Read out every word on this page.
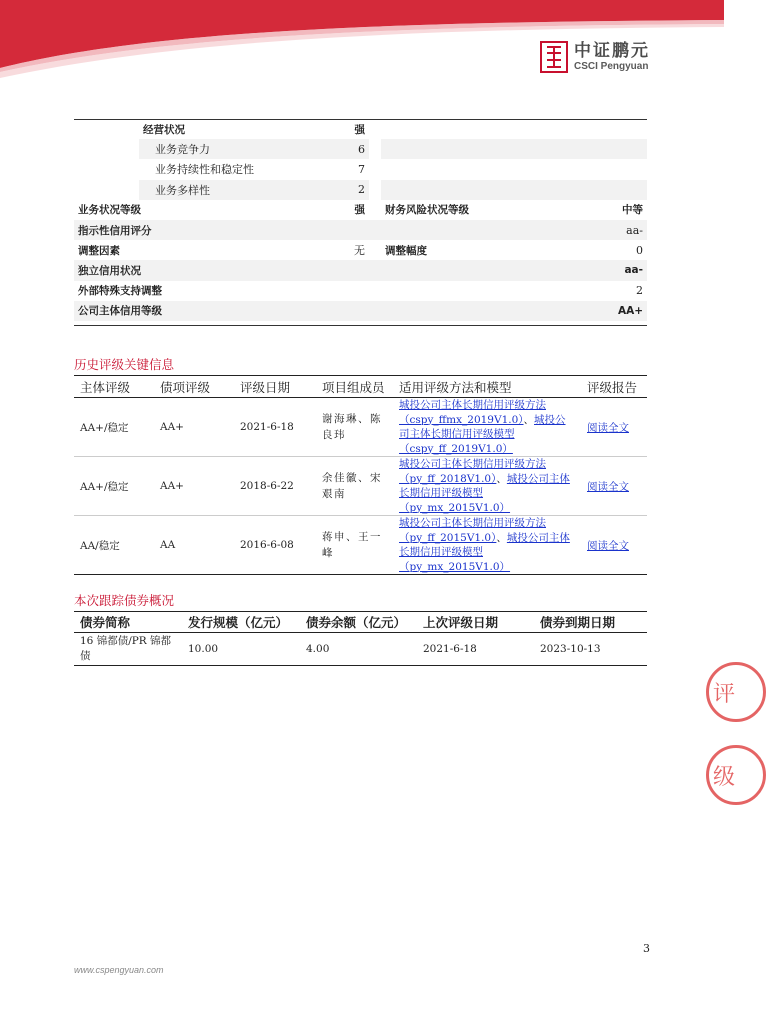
中证鹏元
CSCI Pengyuan
	经营状况	强			
	业务竞争力	6			
	业务持续性和稳定性	7			
	业务多样性	2			
业务状况等级		强		财务风险状况等级	中等
指示性信用评分					aa-
调整因素		无		调整幅度	0
独立信用状况					aa-
外部特殊支持调整					2
公司主体信用等级					AA+
历史评级关键信息
主体评级	债项评级	评级日期	项目组成员	适用评级方法和模型	评级报告
AA+/稳定	AA+	2021-6-18	谢海琳、陈良玮	城投公司主体长期信用评级方法（cspy_ffmx_2019V1.0）、城投公司主体长期信用评级模型（cspy_ff_2019V1.0）	阅读全文
AA+/稳定	AA+	2018-6-22	余佳徽、宋艰南	城投公司主体长期信用评级方法（py_ff_2018V1.0）、城投公司主体长期信用评级模型（py_mx_2015V1.0）	阅读全文
AA/稳定	AA	2016-6-08	蒋申、王一峰	城投公司主体长期信用评级方法（py_ff_2015V1.0）、城投公司主体长期信用评级模型（py_mx_2015V1.0）	阅读全文
本次跟踪债券概况
债券简称	发行规模（亿元）	债券余额（亿元）	上次评级日期	债券到期日期
16 锦都债/PR 锦都债	10.00	4.00	2021-6-18	2023-10-13
评
级
3
www.cspengyuan.com
